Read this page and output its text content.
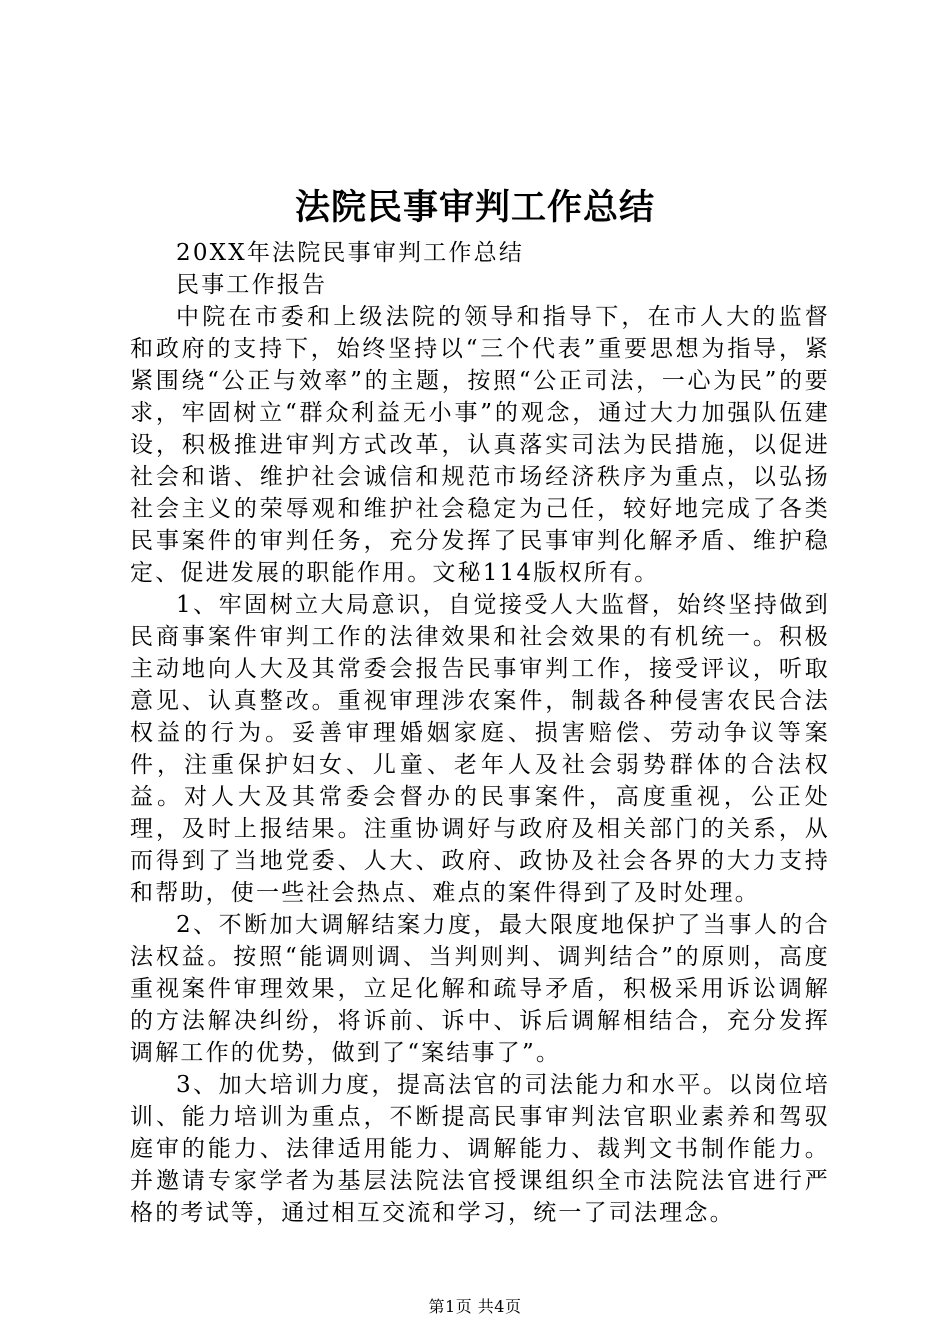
法院民事审判工作总结

20XX年法院民事审判工作总结

民事工作报告

中院在市委和上级法院的领导和指导下，在市人大的监督和政府的支持下，始终坚持以“三个代表”重要思想为指导，紧紧围绕“公正与效率”的主题，按照“公正司法，一心为民”的要求，牢固树立“群众利益无小事”的观念，通过大力加强队伍建设，积极推进审判方式改革，认真落实司法为民措施，以促进社会和谐、维护社会诚信和规范市场经济秩序为重点，以弘扬社会主义的荣辱观和维护社会稳定为己任，较好地完成了各类民事案件的审判任务，充分发挥了民事审判化解矛盾、维护稳定、促进发展的职能作用。文秘114版权所有。

1、牢固树立大局意识，自觉接受人大监督，始终坚持做到民商事案件审判工作的法律效果和社会效果的有机统一。积极主动地向人大及其常委会报告民事审判工作，接受评议，听取意见、认真整改。重视审理涉农案件，制裁各种侵害农民合法权益的行为。妥善审理婚姻家庭、损害赔偿、劳动争议等案件，注重保护妇女、儿童、老年人及社会弱势群体的合法权益。对人大及其常委会督办的民事案件，高度重视，公正处理，及时上报结果。注重协调好与政府及相关部门的关系，从而得到了当地党委、人大、政府、政协及社会各界的大力支持和帮助，使一些社会热点、难点的案件得到了及时处理。

2、不断加大调解结案力度，最大限度地保护了当事人的合法权益。按照“能调则调、当判则判、调判结合”的原则，高度重视案件审理效果，立足化解和疏导矛盾，积极采用诉讼调解的方法解决纠纷，将诉前、诉中、诉后调解相结合，充分发挥调解工作的优势，做到了“案结事了”。

3、加大培训力度，提高法官的司法能力和水平。以岗位培训、能力培训为重点，不断提高民事审判法官职业素养和驾驭庭审的能力、法律适用能力、调解能力、裁判文书制作能力。并邀请专家学者为基层法院法官授课组织全市法院法官进行严格的考试等，通过相互交流和学习，统一了司法理念。

第1页 共4页
